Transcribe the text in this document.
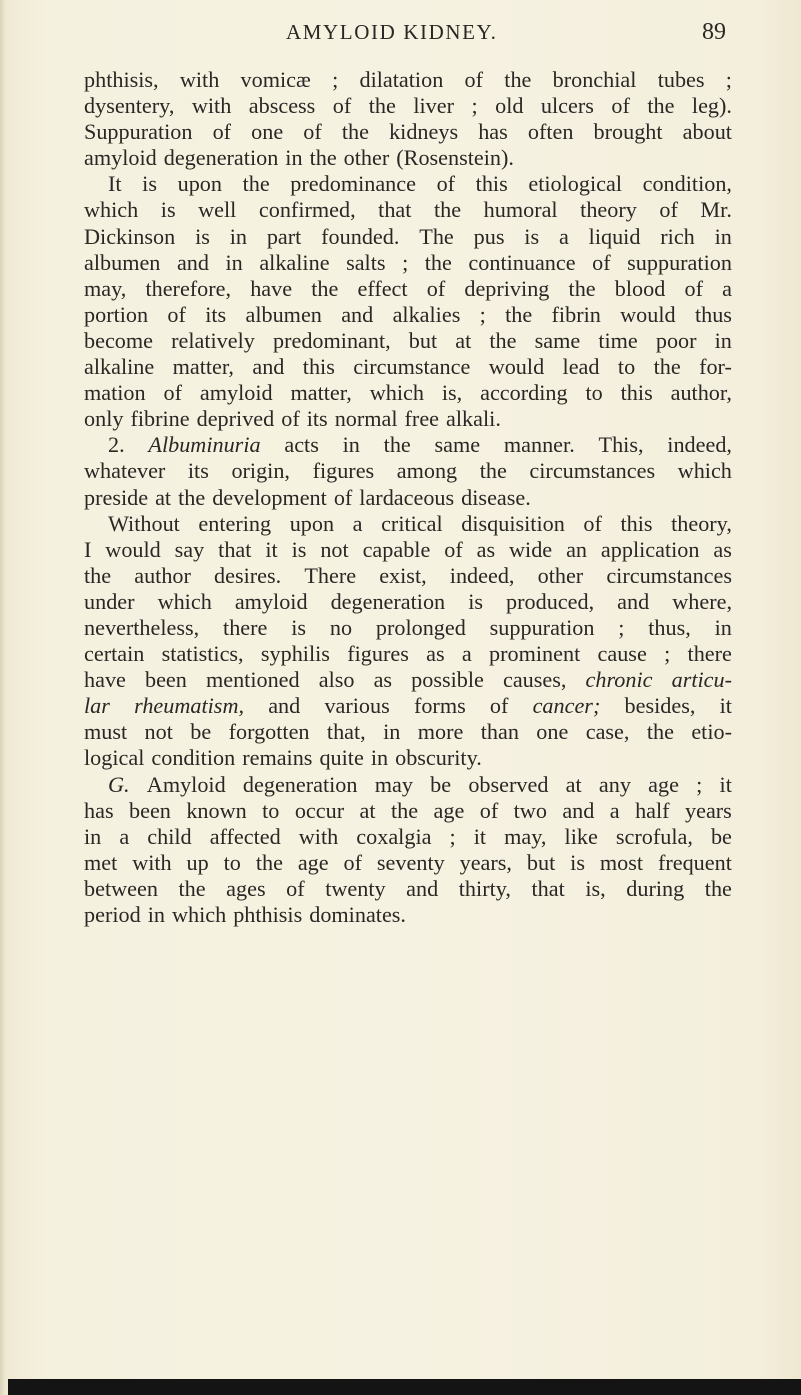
AMYLOID KIDNEY.	89
phthisis, with vomicæ ; dilatation of the bronchial tubes ;
dysentery, with abscess of the liver ; old ulcers of the leg).
Suppuration of one of the kidneys has often brought about
amyloid degeneration in the other (Rosenstein).
It is upon the predominance of this etiological condition,
which is well confirmed, that the humoral theory of Mr.
Dickinson is in part founded. The pus is a liquid rich in
albumen and in alkaline salts ; the continuance of suppuration
may, therefore, have the effect of depriving the blood of a
portion of its albumen and alkalies ; the fibrin would thus
become relatively predominant, but at the same time poor in
alkaline matter, and this circumstance would lead to the for-
mation of amyloid matter, which is, according to this author,
only fibrine deprived of its normal free alkali.
2. Albuminuria acts in the same manner. This, indeed,
whatever its origin, figures among the circumstances which
preside at the development of lardaceous disease.
Without entering upon a critical disquisition of this theory,
I would say that it is not capable of as wide an application as
the author desires. There exist, indeed, other circumstances
under which amyloid degeneration is produced, and where,
nevertheless, there is no prolonged suppuration ; thus, in
certain statistics, syphilis figures as a prominent cause ; there
have been mentioned also as possible causes, chronic articu-
lar rheumatism, and various forms of cancer; besides, it
must not be forgotten that, in more than one case, the etio-
logical condition remains quite in obscurity.
G. Amyloid degeneration may be observed at any age ; it
has been known to occur at the age of two and a half years
in a child affected with coxalgia ; it may, like scrofula, be
met with up to the age of seventy years, but is most frequent
between the ages of twenty and thirty, that is, during the
period in which phthisis dominates.
